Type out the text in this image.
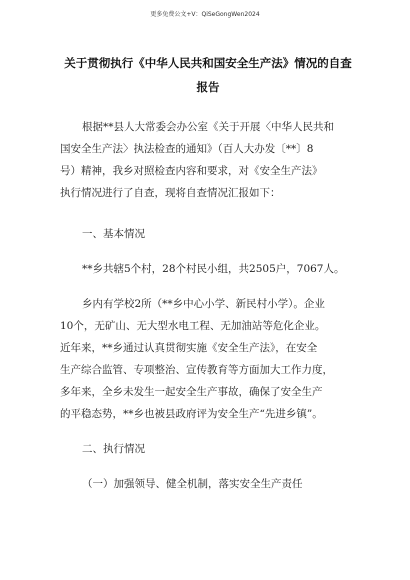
更多免费公文+V：QiSeGongWen2024
关于贯彻执行《中华人民共和国安全生产法》情况的自查
报告
根据**县人大常委会办公室《关于开展〈中华人民共和
国安全生产法〉执法检查的通知》（百人大办发〔**〕8
号）精神，我乡对照检查内容和要求，对《安全生产法》
执行情况进行了自查，现将自查情况汇报如下：
一、基本情况
**乡共辖5个村，28个村民小组，共2505户，7067人。
乡内有学校2所（**乡中心小学、新民村小学）。企业
10个，无矿山、无大型水电工程、无加油站等危化企业。
近年来，**乡通过认真贯彻实施《安全生产法》，在安全
生产综合监管、专项整治、宣传教育等方面加大工作力度，
多年来，全乡未发生一起安全生产事故，确保了安全生产
的平稳态势，**乡也被县政府评为安全生产“先进乡镇”。
二、执行情况
（一）加强领导、健全机制，落实安全生产责任
